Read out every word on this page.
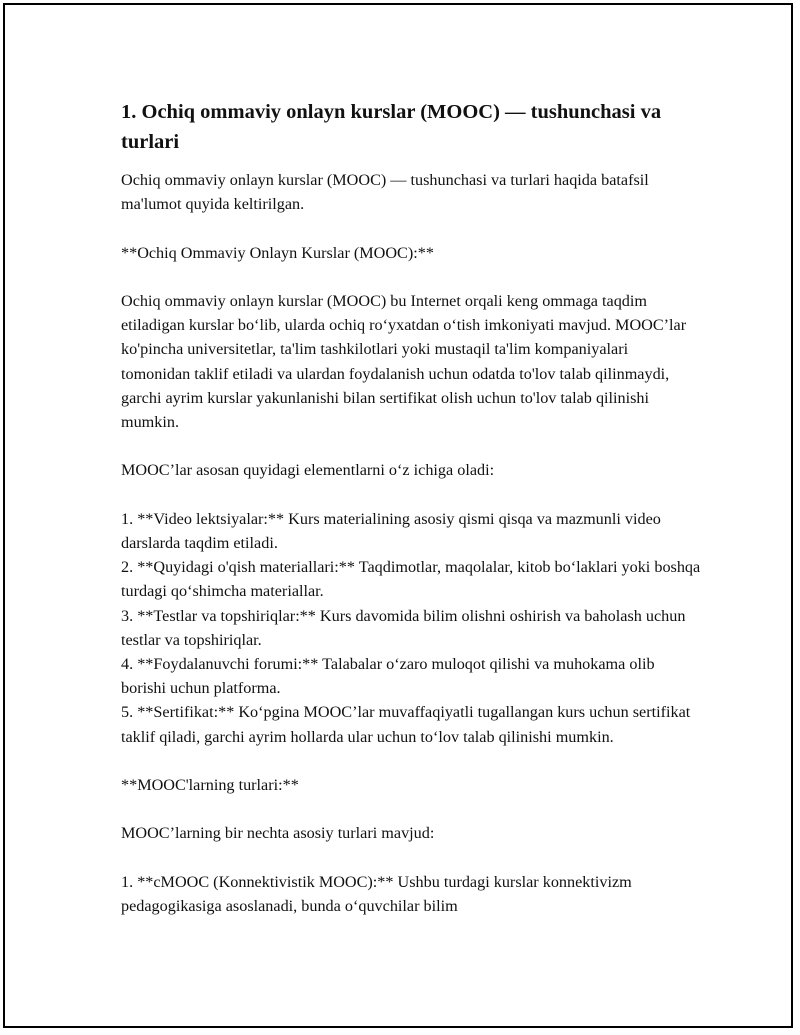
1. Ochiq ommaviy onlayn kurslar (MOOC) — tushunchasi va turlari

Ochiq ommaviy onlayn kurslar (MOOC) — tushunchasi va turlari haqida batafsil ma'lumot quyida keltirilgan.

**Ochiq Ommaviy Onlayn Kurslar (MOOC):**

Ochiq ommaviy onlayn kurslar (MOOC) bu Internet orqali keng ommaga taqdim etiladigan kurslar bo‘lib, ularda ochiq ro‘yxatdan o‘tish imkoniyati mavjud. MOOC’lar ko'pincha universitetlar, ta'lim tashkilotlari yoki mustaqil ta'lim kompaniyalari tomonidan taklif etiladi va ulardan foydalanish uchun odatda to'lov talab qilinmaydi, garchi ayrim kurslar yakunlanishi bilan sertifikat olish uchun to'lov talab qilinishi mumkin.

MOOC’lar asosan quyidagi elementlarni o‘z ichiga oladi:

1. **Video lektsiyalar:** Kurs materialining asosiy qismi qisqa va mazmunli video darslarda taqdim etiladi.

2. **Quyidagi o'qish materiallari:** Taqdimotlar, maqolalar, kitob bo‘laklari yoki boshqa turdagi qo‘shimcha materiallar.

3. **Testlar va topshiriqlar:** Kurs davomida bilim olishni oshirish va baholash uchun testlar va topshiriqlar.

4. **Foydalanuvchi forumi:** Talabalar o‘zaro muloqot qilishi va muhokama olib borishi uchun platforma.

5. **Sertifikat:** Ko‘pgina MOOC’lar muvaffaqiyatli tugallangan kurs uchun sertifikat taklif qiladi, garchi ayrim hollarda ular uchun to‘lov talab qilinishi mumkin.

**MOOC'larning turlari:**

MOOC’larning bir nechta asosiy turlari mavjud:

1. **cMOOC (Konnektivistik MOOC):** Ushbu turdagi kurslar konnektivizm pedagogikasiga asoslanadi, bunda o‘quvchilar bilim
